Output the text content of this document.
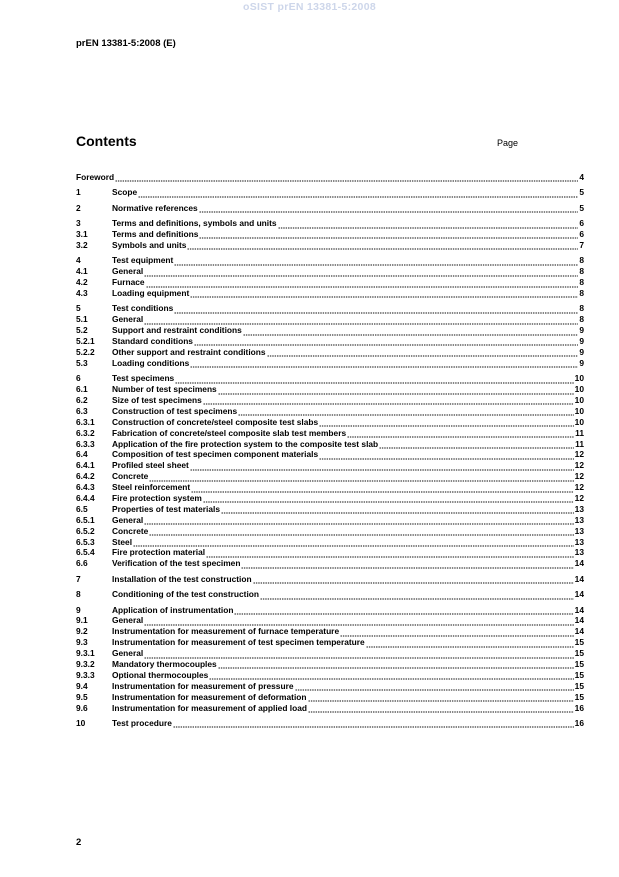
oSIST prEN 13381-5:2008
prEN 13381-5:2008 (E)
Contents	Page
Foreword	4
1	Scope	5
2	Normative references	5
3	Terms and definitions, symbols and units	6
3.1	Terms and definitions	6
3.2	Symbols and units	7
4	Test equipment	8
4.1	General	8
4.2	Furnace	8
4.3	Loading equipment	8
5	Test conditions	8
5.1	General	8
5.2	Support and restraint conditions	9
5.2.1	Standard conditions	9
5.2.2	Other support and restraint conditions	9
5.3	Loading conditions	9
6	Test specimens	10
6.1	Number of test specimens	10
6.2	Size of test specimens	10
6.3	Construction of test specimens	10
6.3.1	Construction of concrete/steel composite test slabs	10
6.3.2	Fabrication of concrete/steel composite slab test members	11
6.3.3	Application of the fire protection system to the composite test slab	11
6.4	Composition of test specimen component materials	12
6.4.1	Profiled steel sheet	12
6.4.2	Concrete	12
6.4.3	Steel reinforcement	12
6.4.4	Fire protection system	12
6.5	Properties of test materials	13
6.5.1	General	13
6.5.2	Concrete	13
6.5.3	Steel	13
6.5.4	Fire protection material	13
6.6	Verification of the test specimen	14
7	Installation of the test construction	14
8	Conditioning of the test construction	14
9	Application of instrumentation	14
9.1	General	14
9.2	Instrumentation for measurement of furnace temperature	14
9.3	Instrumentation for measurement of test specimen temperature	15
9.3.1	General	15
9.3.2	Mandatory thermocouples	15
9.3.3	Optional thermocouples	15
9.4	Instrumentation for measurement of pressure	15
9.5	Instrumentation for measurement of deformation	15
9.6	Instrumentation for measurement of applied load	16
10	Test procedure	16
2
